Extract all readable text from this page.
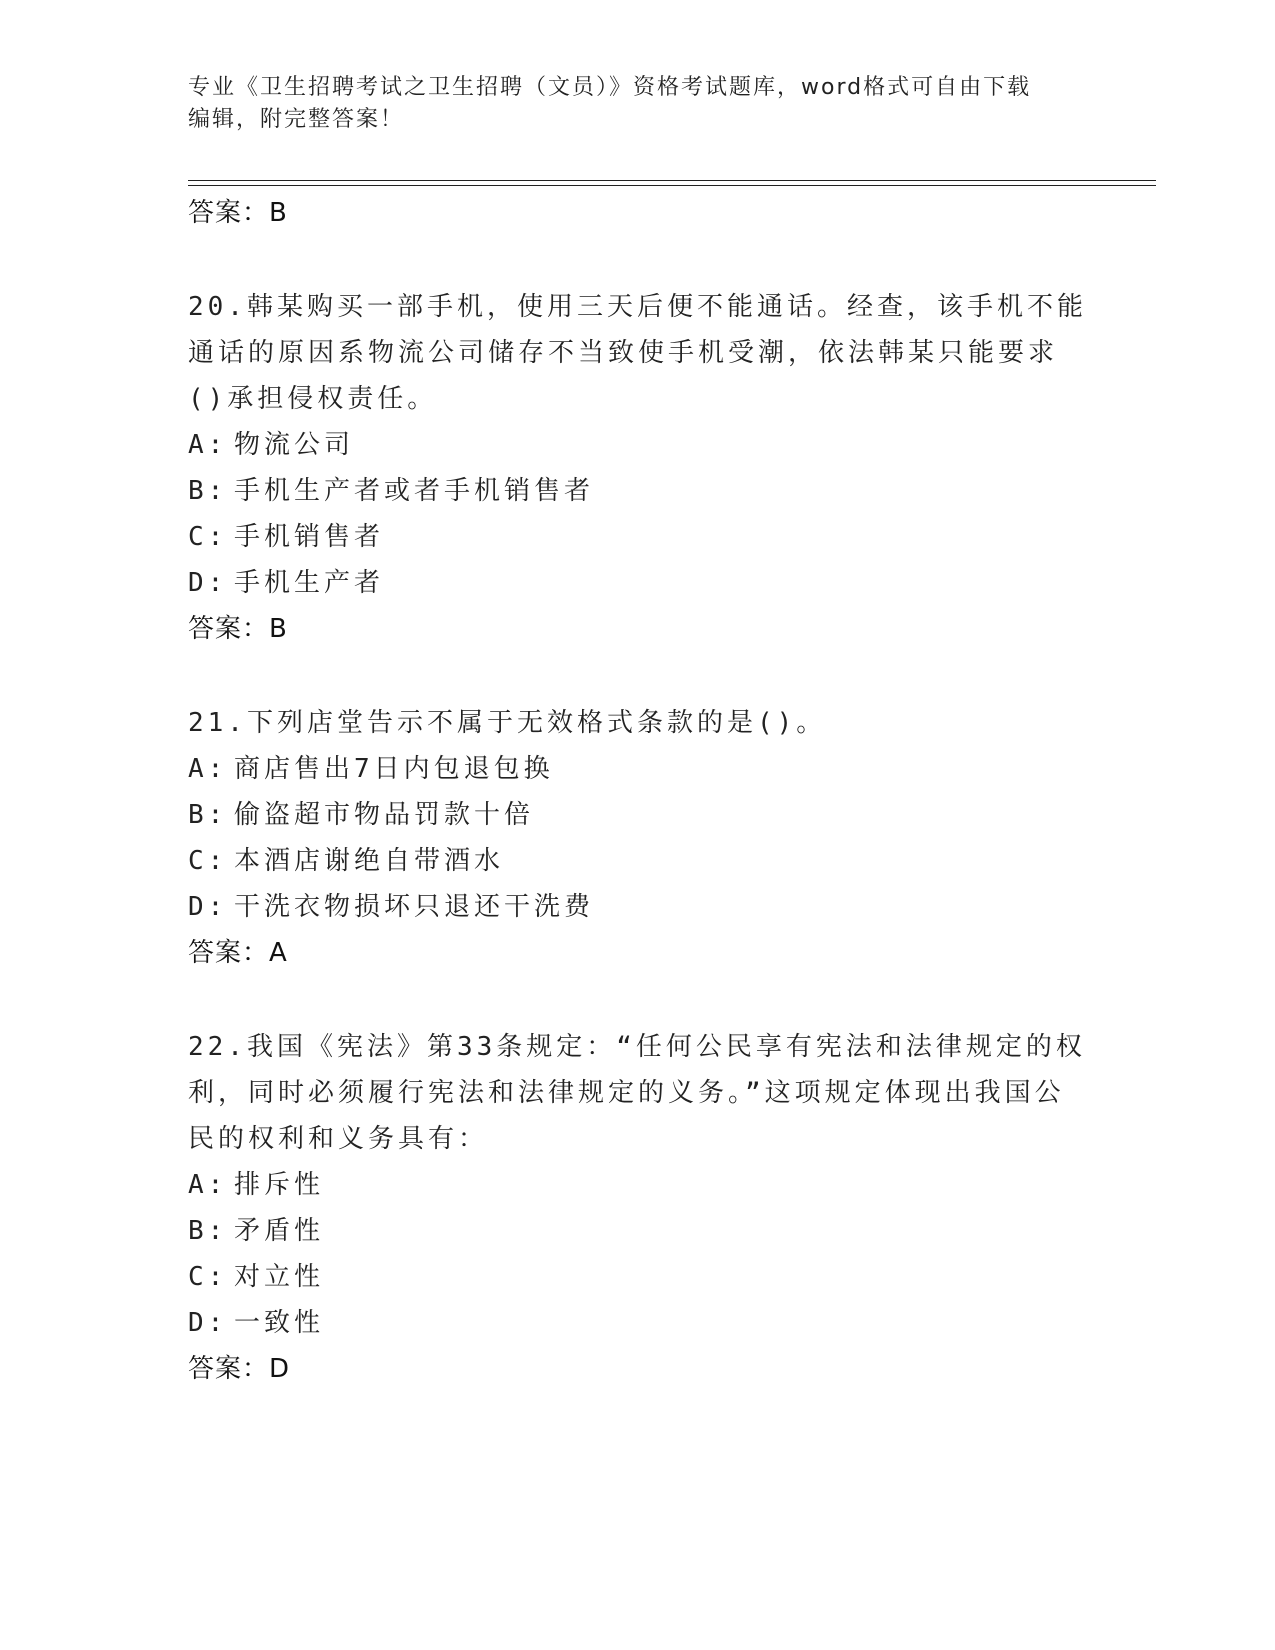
专业《卫生招聘考试之卫生招聘（文员）》资格考试题库，word格式可自由下载
编辑，附完整答案！
答案：B

20.韩某购买一部手机，使用三天后便不能通话。经查，该手机不能通话的原因系物流公司储存不当致使手机受潮，依法韩某只能要求()承担侵权责任。

A: 物流公司
B: 手机生产者或者手机销售者
C: 手机销售者
D: 手机生产者
答案：B

21.下列店堂告示不属于无效格式条款的是()。

A: 商店售出7日内包退包换
B: 偷盗超市物品罚款十倍
C: 本酒店谢绝自带酒水
D: 干洗衣物损坏只退还干洗费
答案：A

22.我国《宪法》第33条规定：“任何公民享有宪法和法律规定的权利，同时必须履行宪法和法律规定的义务。”这项规定体现出我国公民的权利和义务具有：

A: 排斥性
B: 矛盾性
C: 对立性
D: 一致性
答案：D
